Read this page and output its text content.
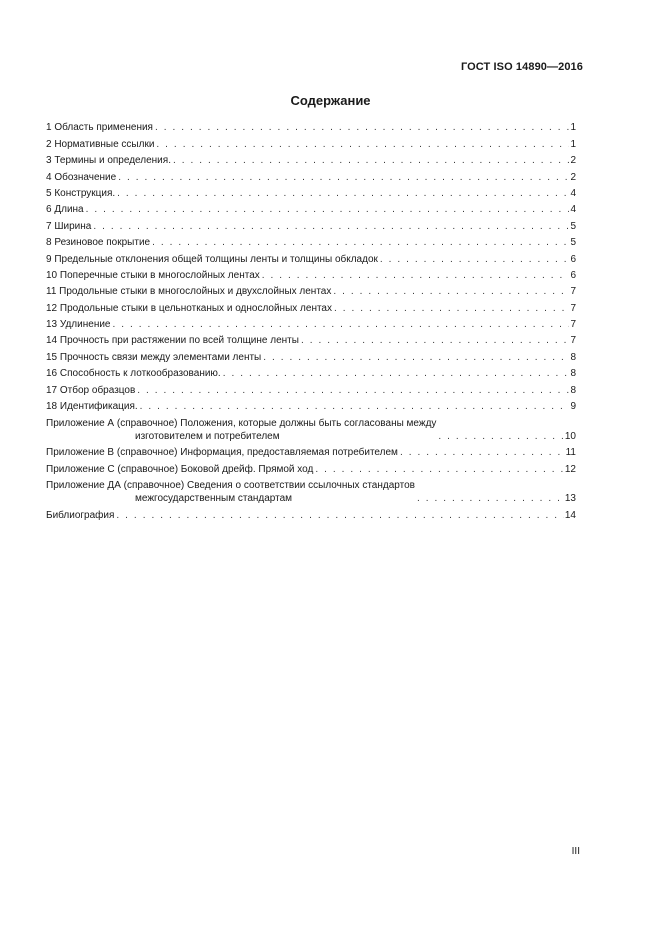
ГОСТ ISO 14890—2016
Содержание
1 Область применения . . .	1
2 Нормативные ссылки . . .	1
3 Термины и определения. . . .	2
4 Обозначение . . .	2
5 Конструкция. . . .	4
6 Длина . . .	4
7 Ширина . . .	5
8 Резиновое покрытие . . .	5
9 Предельные отклонения общей толщины ленты и толщины обкладок . . .	6
10 Поперечные стыки в многослойных лентах . . .	6
11 Продольные стыки в многослойных и двухслойных лентах . . .	7
12 Продольные стыки в цельнотканых и однослойных лентах . . .	7
13 Удлинение . . .	7
14 Прочность при растяжении по всей толщине ленты . . .	7
15 Прочность связи между элементами ленты . . .	8
16 Способность к лоткообразованию. . . .	8
17 Отбор образцов . . .	8
18 Идентификация. . . .	9
Приложение А (справочное) Положения, которые должны быть согласованы между
изготовителем и потребителем . . .	10
Приложение В (справочное) Информация, предоставляемая потребителем . . .	11
Приложение С (справочное) Боковой дрейф. Прямой ход . . .	12
Приложение ДА (справочное) Сведения о соответствии ссылочных стандартов
межгосударственным стандартам . . .	13
Библиография . . .	14
III
